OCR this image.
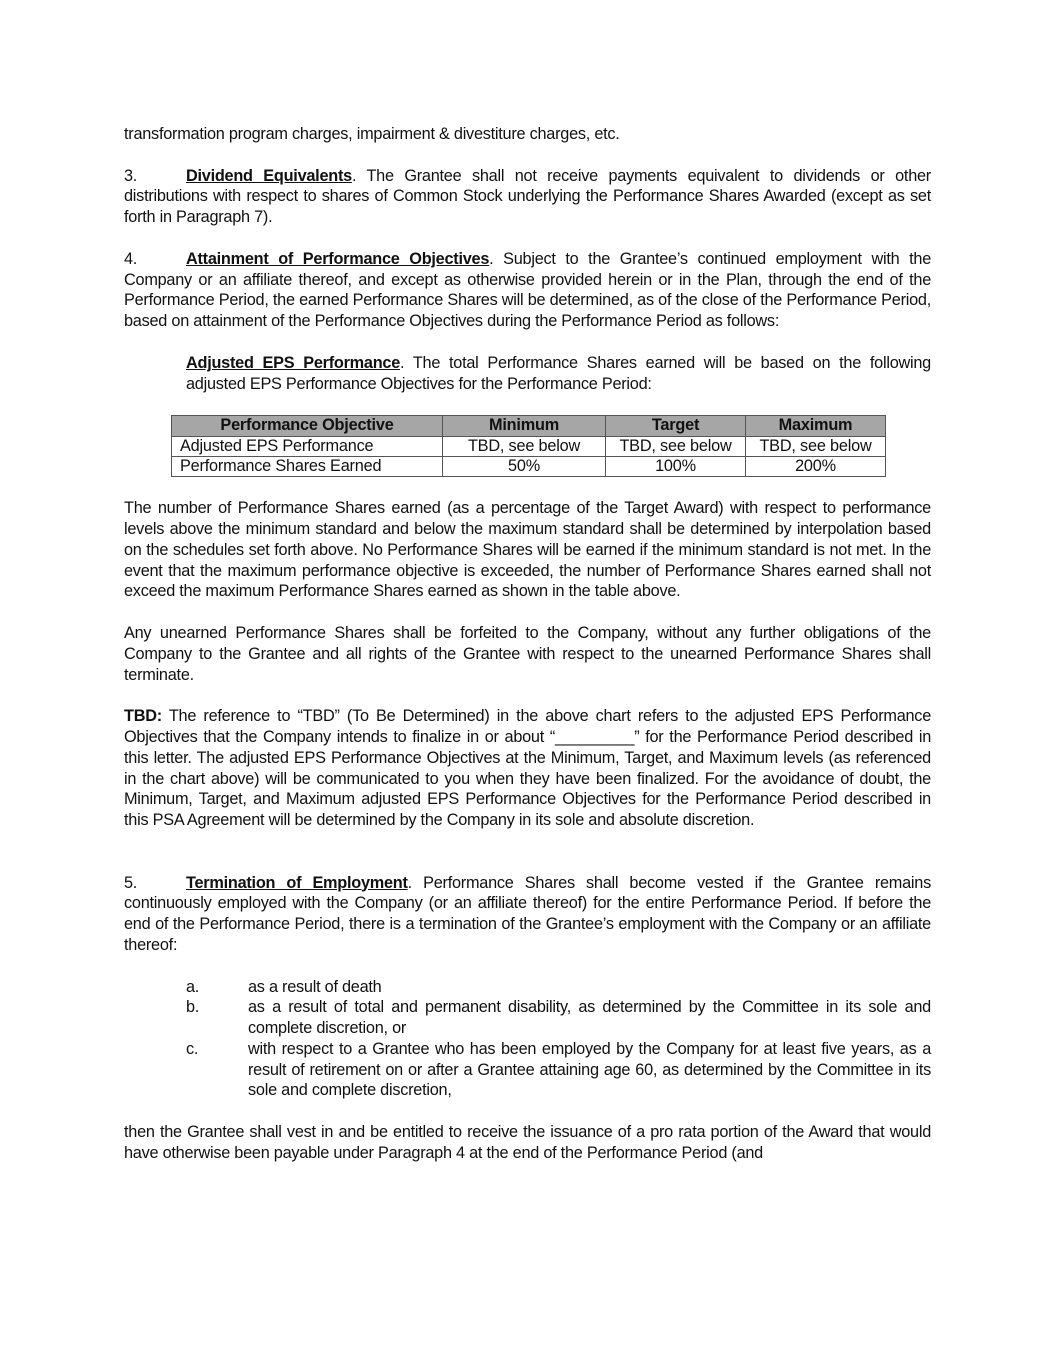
transformation program charges, impairment & divestiture charges, etc.

3.	Dividend Equivalents. The Grantee shall not receive payments equivalent to dividends or other distributions with respect to shares of Common Stock underlying the Performance Shares Awarded (except as set forth in Paragraph 7).

4.	Attainment of Performance Objectives. Subject to the Grantee’s continued employment with the Company or an affiliate thereof, and except as otherwise provided herein or in the Plan, through the end of the Performance Period, the earned Performance Shares will be determined, as of the close of the Performance Period, based on attainment of the Performance Objectives during the Performance Period as follows:

Adjusted EPS Performance. The total Performance Shares earned will be based on the following adjusted EPS Performance Objectives for the Performance Period:

Performance Objective	Minimum	Target	Maximum
Adjusted EPS Performance	TBD, see below	TBD, see below	TBD, see below
Performance Shares Earned	50%	100%	200%

The number of Performance Shares earned (as a percentage of the Target Award) with respect to performance levels above the minimum standard and below the maximum standard shall be determined by interpolation based on the schedules set forth above. No Performance Shares will be earned if the minimum standard is not met. In the event that the maximum performance objective is exceeded, the number of Performance Shares earned shall not exceed the maximum Performance Shares earned as shown in the table above.

Any unearned Performance Shares shall be forfeited to the Company, without any further obligations of the Company to the Grantee and all rights of the Grantee with respect to the unearned Performance Shares shall terminate.

TBD: The reference to “TBD” (To Be Determined) in the above chart refers to the adjusted EPS Performance Objectives that the Company intends to finalize in or about “_________” for the Performance Period described in this letter. The adjusted EPS Performance Objectives at the Minimum, Target, and Maximum levels (as referenced in the chart above) will be communicated to you when they have been finalized. For the avoidance of doubt, the Minimum, Target, and Maximum adjusted EPS Performance Objectives for the Performance Period described in this PSA Agreement will be determined by the Company in its sole and absolute discretion.

5.	Termination of Employment. Performance Shares shall become vested if the Grantee remains continuously employed with the Company (or an affiliate thereof) for the entire Performance Period. If before the end of the Performance Period, there is a termination of the Grantee’s employment with the Company or an affiliate thereof:

a.	as a result of death
b.	as a result of total and permanent disability, as determined by the Committee in its sole and complete discretion, or
c.	with respect to a Grantee who has been employed by the Company for at least five years, as a result of retirement on or after a Grantee attaining age 60, as determined by the Committee in its sole and complete discretion,

then the Grantee shall vest in and be entitled to receive the issuance of a pro rata portion of the Award that would have otherwise been payable under Paragraph 4 at the end of the Performance Period (and
